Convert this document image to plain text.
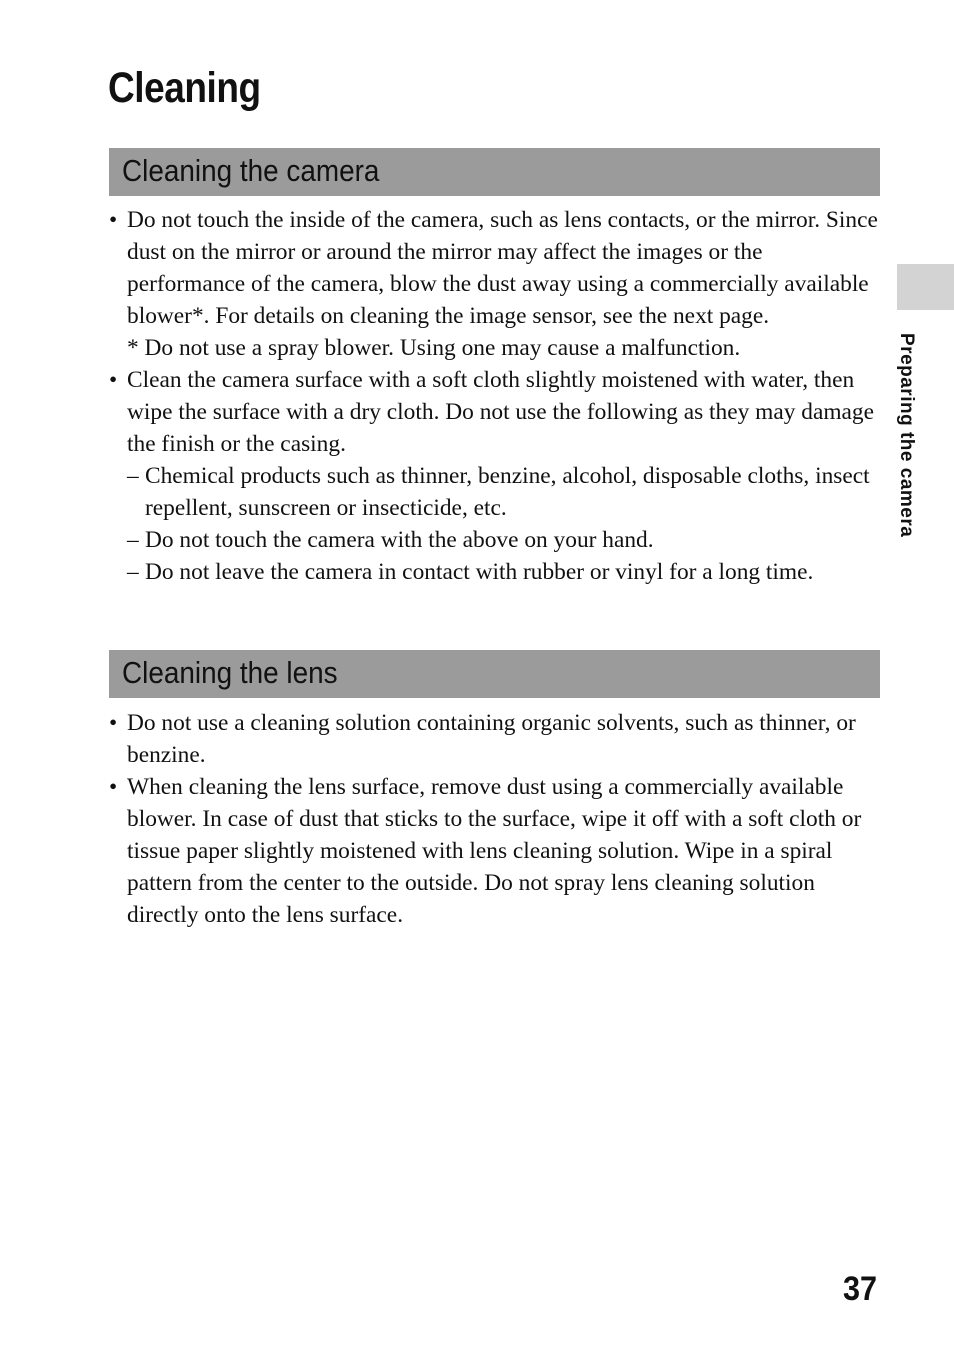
Cleaning
Cleaning the camera
• Do not touch the inside of the camera, such as lens contacts, or the mirror. Since dust on the mirror or around the mirror may affect the images or the performance of the camera, blow the dust away using a commercially available blower*. For details on cleaning the image sensor, see the next page.
* Do not use a spray blower. Using one may cause a malfunction.
• Clean the camera surface with a soft cloth slightly moistened with water, then wipe the surface with a dry cloth. Do not use the following as they may damage the finish or the casing.
– Chemical products such as thinner, benzine, alcohol, disposable cloths, insect repellent, sunscreen or insecticide, etc.
– Do not touch the camera with the above on your hand.
– Do not leave the camera in contact with rubber or vinyl for a long time.
Cleaning the lens
• Do not use a cleaning solution containing organic solvents, such as thinner, or benzine.
• When cleaning the lens surface, remove dust using a commercially available blower. In case of dust that sticks to the surface, wipe it off with a soft cloth or tissue paper slightly moistened with lens cleaning solution. Wipe in a spiral pattern from the center to the outside. Do not spray lens cleaning solution directly onto the lens surface.
Preparing the camera
37
